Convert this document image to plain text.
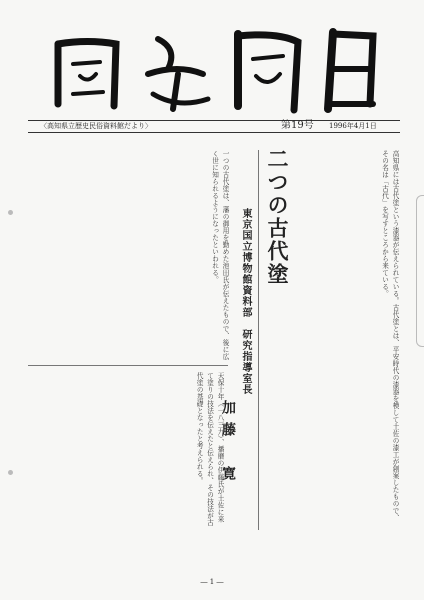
〈高知県立歴史民俗資料館だより〉	第19号 1996年4月1日
二つの古代塗
東京国立博物館資料部　研究指導室長
加藤　寛	高知県には古代塗という漆器が伝えられている。古代塗とは、平安時代の漆器を模して土佐の漆工が創案したもので、その名は「古代」を写すところから来ている。
一つの古代塗は、藩の御用を勤めた池田氏が伝えたもので、後に広く世に知られるようになったといわれる。
天保十年（一八三九）、播磨の伊藤氏が土佐に来て塗りの技法を伝えたと伝えられ、その技法が古代塗の基礎となったと考えられる。
― 1 ―
